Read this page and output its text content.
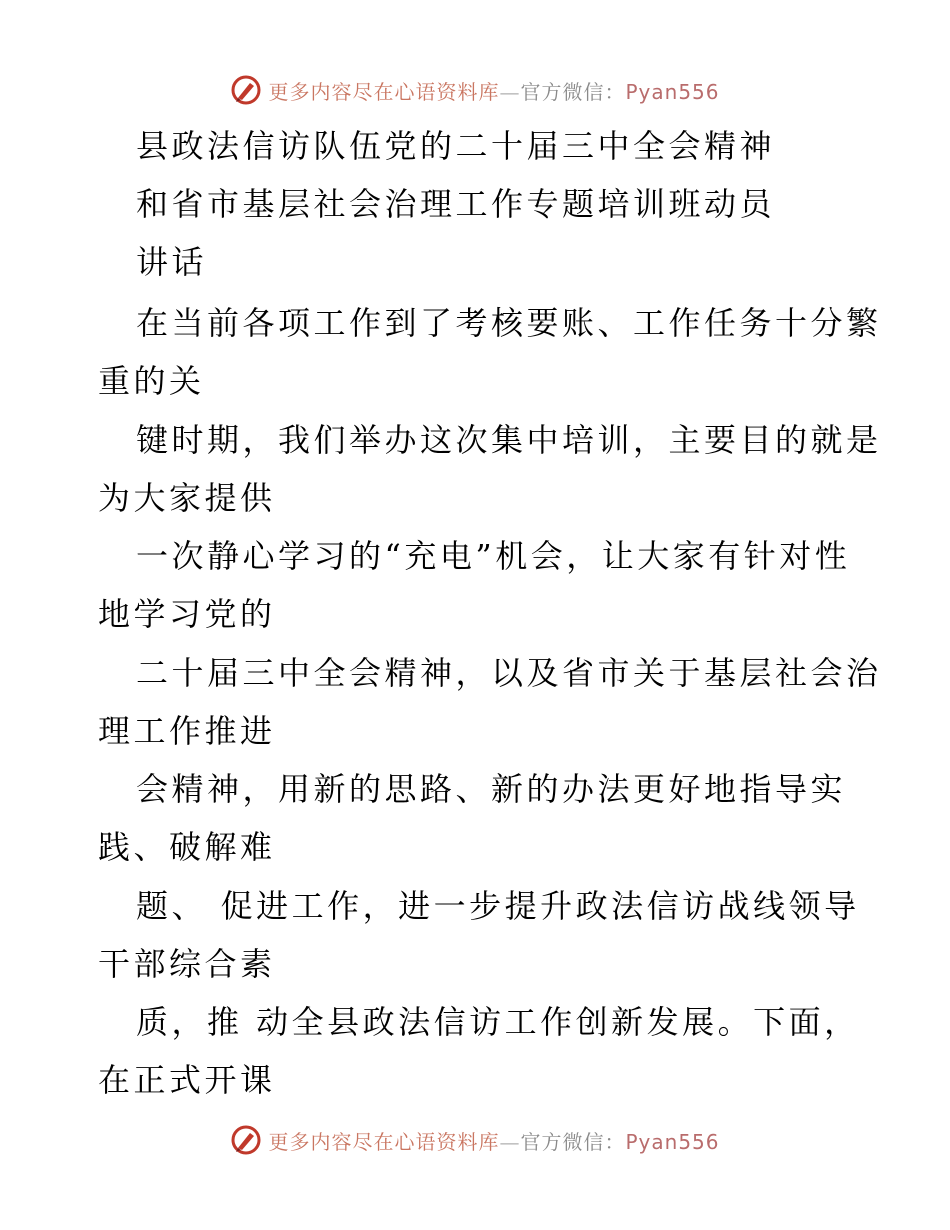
更多内容尽在心语资料库—官方微信：Pyan556
县政法信访队伍党的二十届三中全会精神
和省市基层社会治理工作专题培训班动员
讲话
在当前各项工作到了考核要账、工作任务十分繁
重的关
键时期，我们举办这次集中培训，主要目的就是
为大家提供
一次静心学习的“充电”机会，让大家有针对性
地学习党的
二十届三中全会精神，以及省市关于基层社会治
理工作推进
会精神，用新的思路、新的办法更好地指导实
践、破解难
题、 促进工作，进一步提升政法信访战线领导
干部综合素
质，推 动全县政法信访工作创新发展。下面，
在正式开课
更多内容尽在心语资料库—官方微信：Pyan556
